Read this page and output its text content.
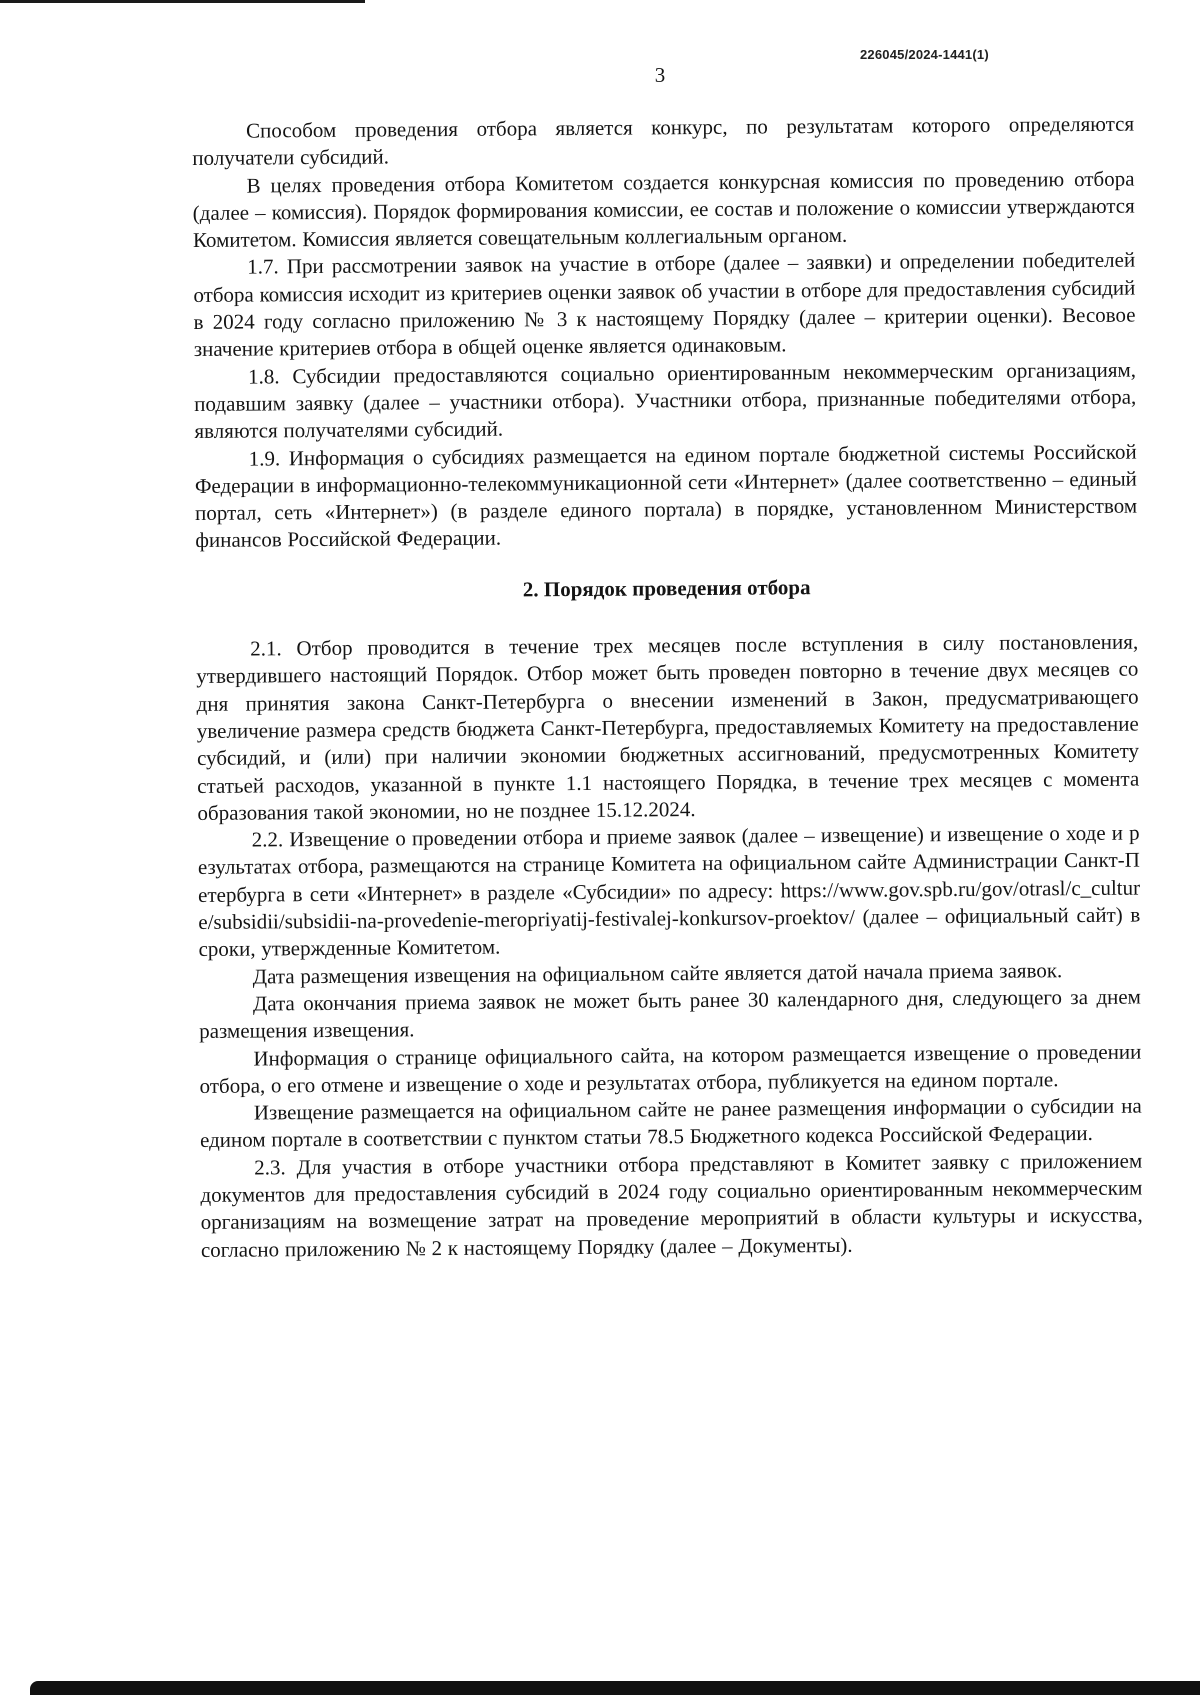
226045/2024-1441(1)
3

Способом проведения отбора является конкурс, по результатам которого определяются получатели субсидий.

В целях проведения отбора Комитетом создается конкурсная комиссия по проведению отбора (далее – комиссия). Порядок формирования комиссии, ее состав и положение о комиссии утверждаются Комитетом. Комиссия является совещательным коллегиальным органом.

1.7. При рассмотрении заявок на участие в отборе (далее – заявки) и определении победителей отбора комиссия исходит из критериев оценки заявок об участии в отборе для предоставления субсидий в 2024 году согласно приложению № 3 к настоящему Порядку (далее – критерии оценки). Весовое значение критериев отбора в общей оценке является одинаковым.

1.8. Субсидии предоставляются социально ориентированным некоммерческим организациям, подавшим заявку (далее – участники отбора). Участники отбора, признанные победителями отбора, являются получателями субсидий.

1.9. Информация о субсидиях размещается на едином портале бюджетной системы Российской Федерации в информационно-телекоммуникационной сети «Интернет» (далее соответственно – единый портал, сеть «Интернет») (в разделе единого портала) в порядке, установленном Министерством финансов Российской Федерации.

2. Порядок проведения отбора

2.1. Отбор проводится в течение трех месяцев после вступления в силу постановления, утвердившего настоящий Порядок. Отбор может быть проведен повторно в течение двух месяцев со дня принятия закона Санкт-Петербурга о внесении изменений в Закон, предусматривающего увеличение размера средств бюджета Санкт-Петербурга, предоставляемых Комитету на предоставление субсидий, и (или) при наличии экономии бюджетных ассигнований, предусмотренных Комитету статьей расходов, указанной в пункте 1.1 настоящего Порядка, в течение трех месяцев с момента образования такой экономии, но не позднее 15.12.2024.

2.2. Извещение о проведении отбора и приеме заявок (далее – извещение) и извещение о ходе и результатах отбора, размещаются на странице Комитета на официальном сайте Администрации Санкт-Петербурга в сети «Интернет» в разделе «Субсидии» по адресу: https://www.gov.spb.ru/gov/otrasl/c_culture/subsidii/subsidii-na-provedenie-meropriyatij-festivalej-konkursov-proektov/ (далее – официальный сайт) в сроки, утвержденные Комитетом.

Дата размещения извещения на официальном сайте является датой начала приема заявок.

Дата окончания приема заявок не может быть ранее 30 календарного дня, следующего за днем размещения извещения.

Информация о странице официального сайта, на котором размещается извещение о проведении отбора, о его отмене и извещение о ходе и результатах отбора, публикуется на едином портале.

Извещение размещается на официальном сайте не ранее размещения информации о субсидии на едином портале в соответствии с пунктом статьи 78.5 Бюджетного кодекса Российской Федерации.

2.3. Для участия в отборе участники отбора представляют в Комитет заявку с приложением документов для предоставления субсидий в 2024 году социально ориентированным некоммерческим организациям на возмещение затрат на проведение мероприятий в области культуры и искусства, согласно приложению № 2 к настоящему Порядку (далее – Документы).
